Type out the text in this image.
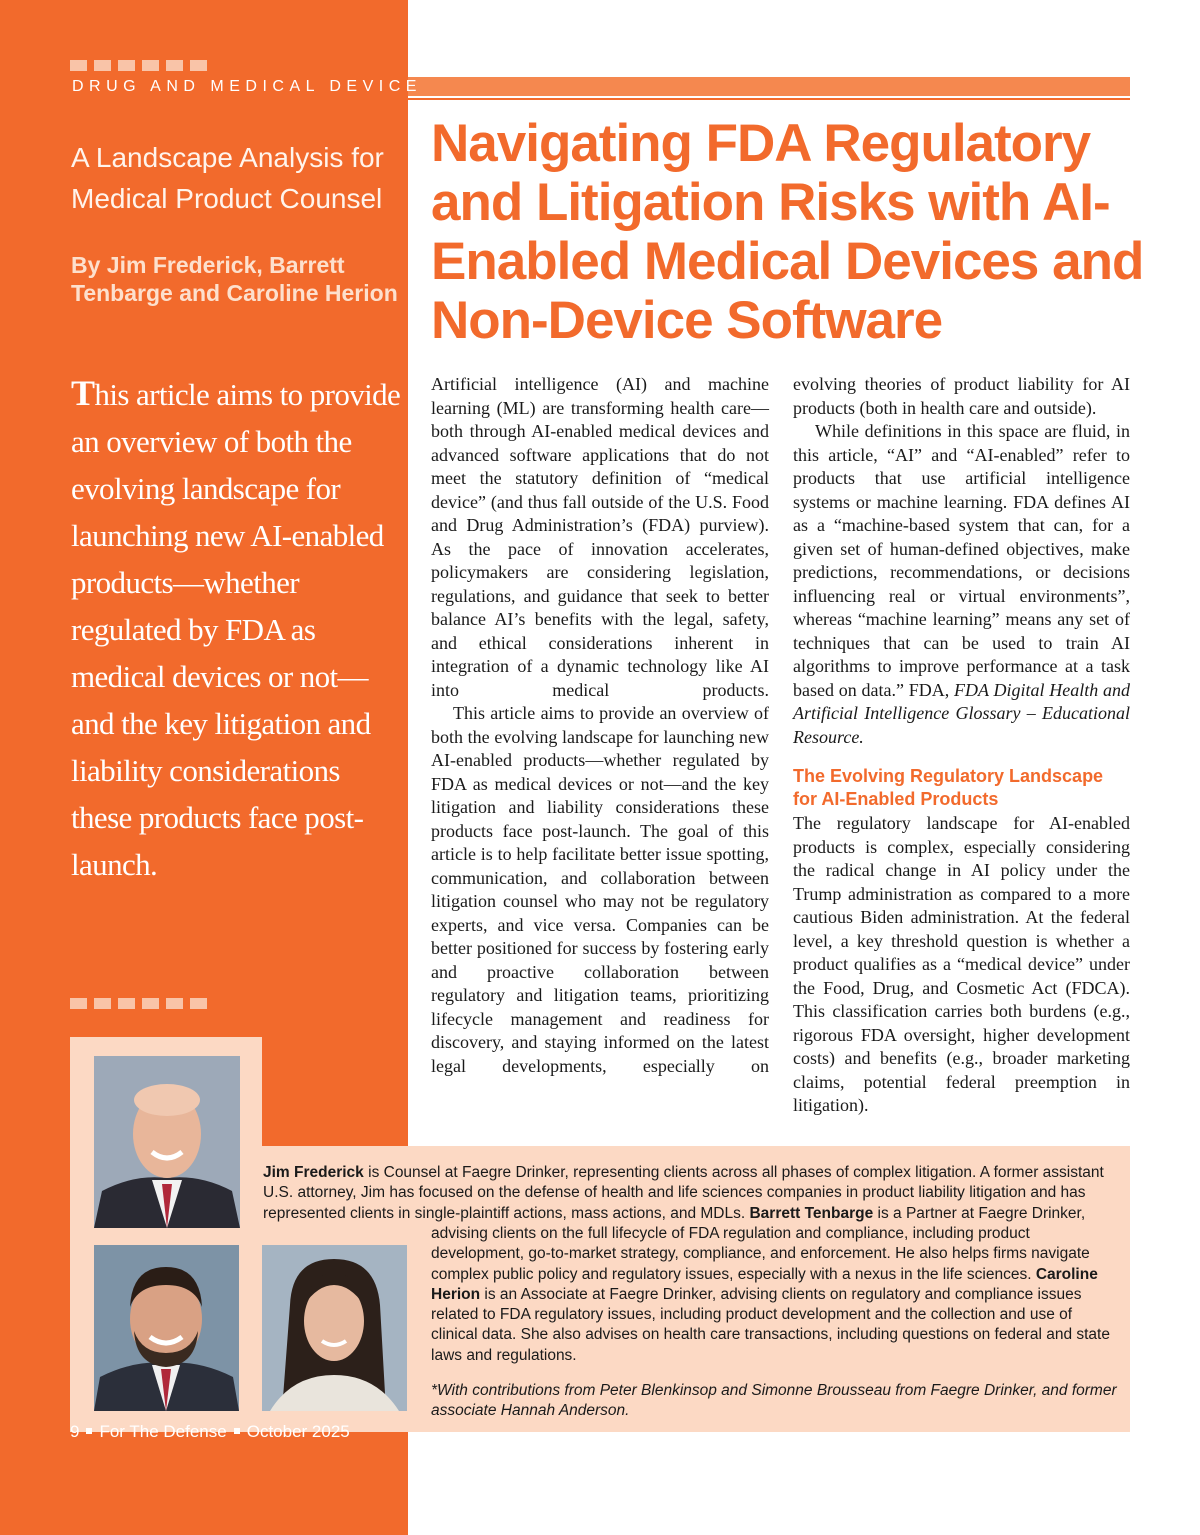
DRUG AND MEDICAL DEVICE
A Landscape Analysis for Medical Product Counsel
By Jim Frederick, Barrett Tenbarge and Caroline Herion
This article aims to provide an overview of both the evolving landscape for launching new AI-enabled products—whether regulated by FDA as medical devices or not—and the key litigation and liability considerations these products face post-launch.
Navigating FDA Regulatory and Litigation Risks with AI-Enabled Medical Devices and Non-Device Software

Artificial intelligence (AI) and machine learning (ML) are transforming health care—both through AI-enabled medical devices and advanced software applications that do not meet the statutory definition of “medical device” (and thus fall outside of the U.S. Food and Drug Administration’s (FDA) purview). As the pace of innovation accelerates, policymakers are considering legislation, regulations, and guidance that seek to better balance AI’s benefits with the legal, safety, and ethical considerations inherent in integration of a dynamic technology like AI into medical products.

This article aims to provide an overview of both the evolving landscape for launching new AI-enabled products—whether regulated by FDA as medical devices or not—and the key litigation and liability considerations these products face post-launch. The goal of this article is to help facilitate better issue spotting, communication, and collaboration between litigation counsel who may not be regulatory experts, and vice versa. Companies can be better positioned for success by fostering early and proactive collaboration between regulatory and litigation teams, prioritizing lifecycle management and readiness for discovery, and staying informed on the latest legal developments, especially on

evolving theories of product liability for AI products (both in health care and outside).

While definitions in this space are fluid, in this article, “AI” and “AI-enabled” refer to products that use artificial intelligence systems or machine learning. FDA defines AI as a “machine-based system that can, for a given set of human-defined objectives, make predictions, recommendations, or decisions influencing real or virtual environments”, whereas “machine learning” means any set of techniques that can be used to train AI algorithms to improve performance at a task based on data.” FDA, FDA Digital Health and Artificial Intelligence Glossary – Educational Resource.

The Evolving Regulatory Landscape for AI-Enabled Products

The regulatory landscape for AI-enabled products is complex, especially considering the radical change in AI policy under the Trump administration as compared to a more cautious Biden administration. At the federal level, a key threshold question is whether a product qualifies as a “medical device” under the Food, Drug, and Cosmetic Act (FDCA). This classification carries both burdens (e.g., rigorous FDA oversight, higher development costs) and benefits (e.g., broader marketing claims, potential federal preemption in litigation).

Jim Frederick is Counsel at Faegre Drinker, representing clients across all phases of complex litigation. A former assistant U.S. attorney, Jim has focused on the defense of health and life sciences companies in product liability litigation and has represented clients in single-plaintiff actions, mass actions, and MDLs. Barrett Tenbarge is a Partner at Faegre Drinker,
advising clients on the full lifecycle of FDA regulation and compliance, including product development, go-to-market strategy, compliance, and enforcement. He also helps firms navigate complex public policy and regulatory issues, especially with a nexus in the life sciences. Caroline Herion is an Associate at Faegre Drinker, advising clients on regulatory and compliance issues related to FDA regulatory issues, including product development and the collection and use of clinical data. She also advises on health care transactions, including questions on federal and state laws and regulations.
*With contributions from Peter Blenkinsop and Simonne Brousseau from Faegre Drinker, and former associate Hannah Anderson.
9 For The Defense October 2025
